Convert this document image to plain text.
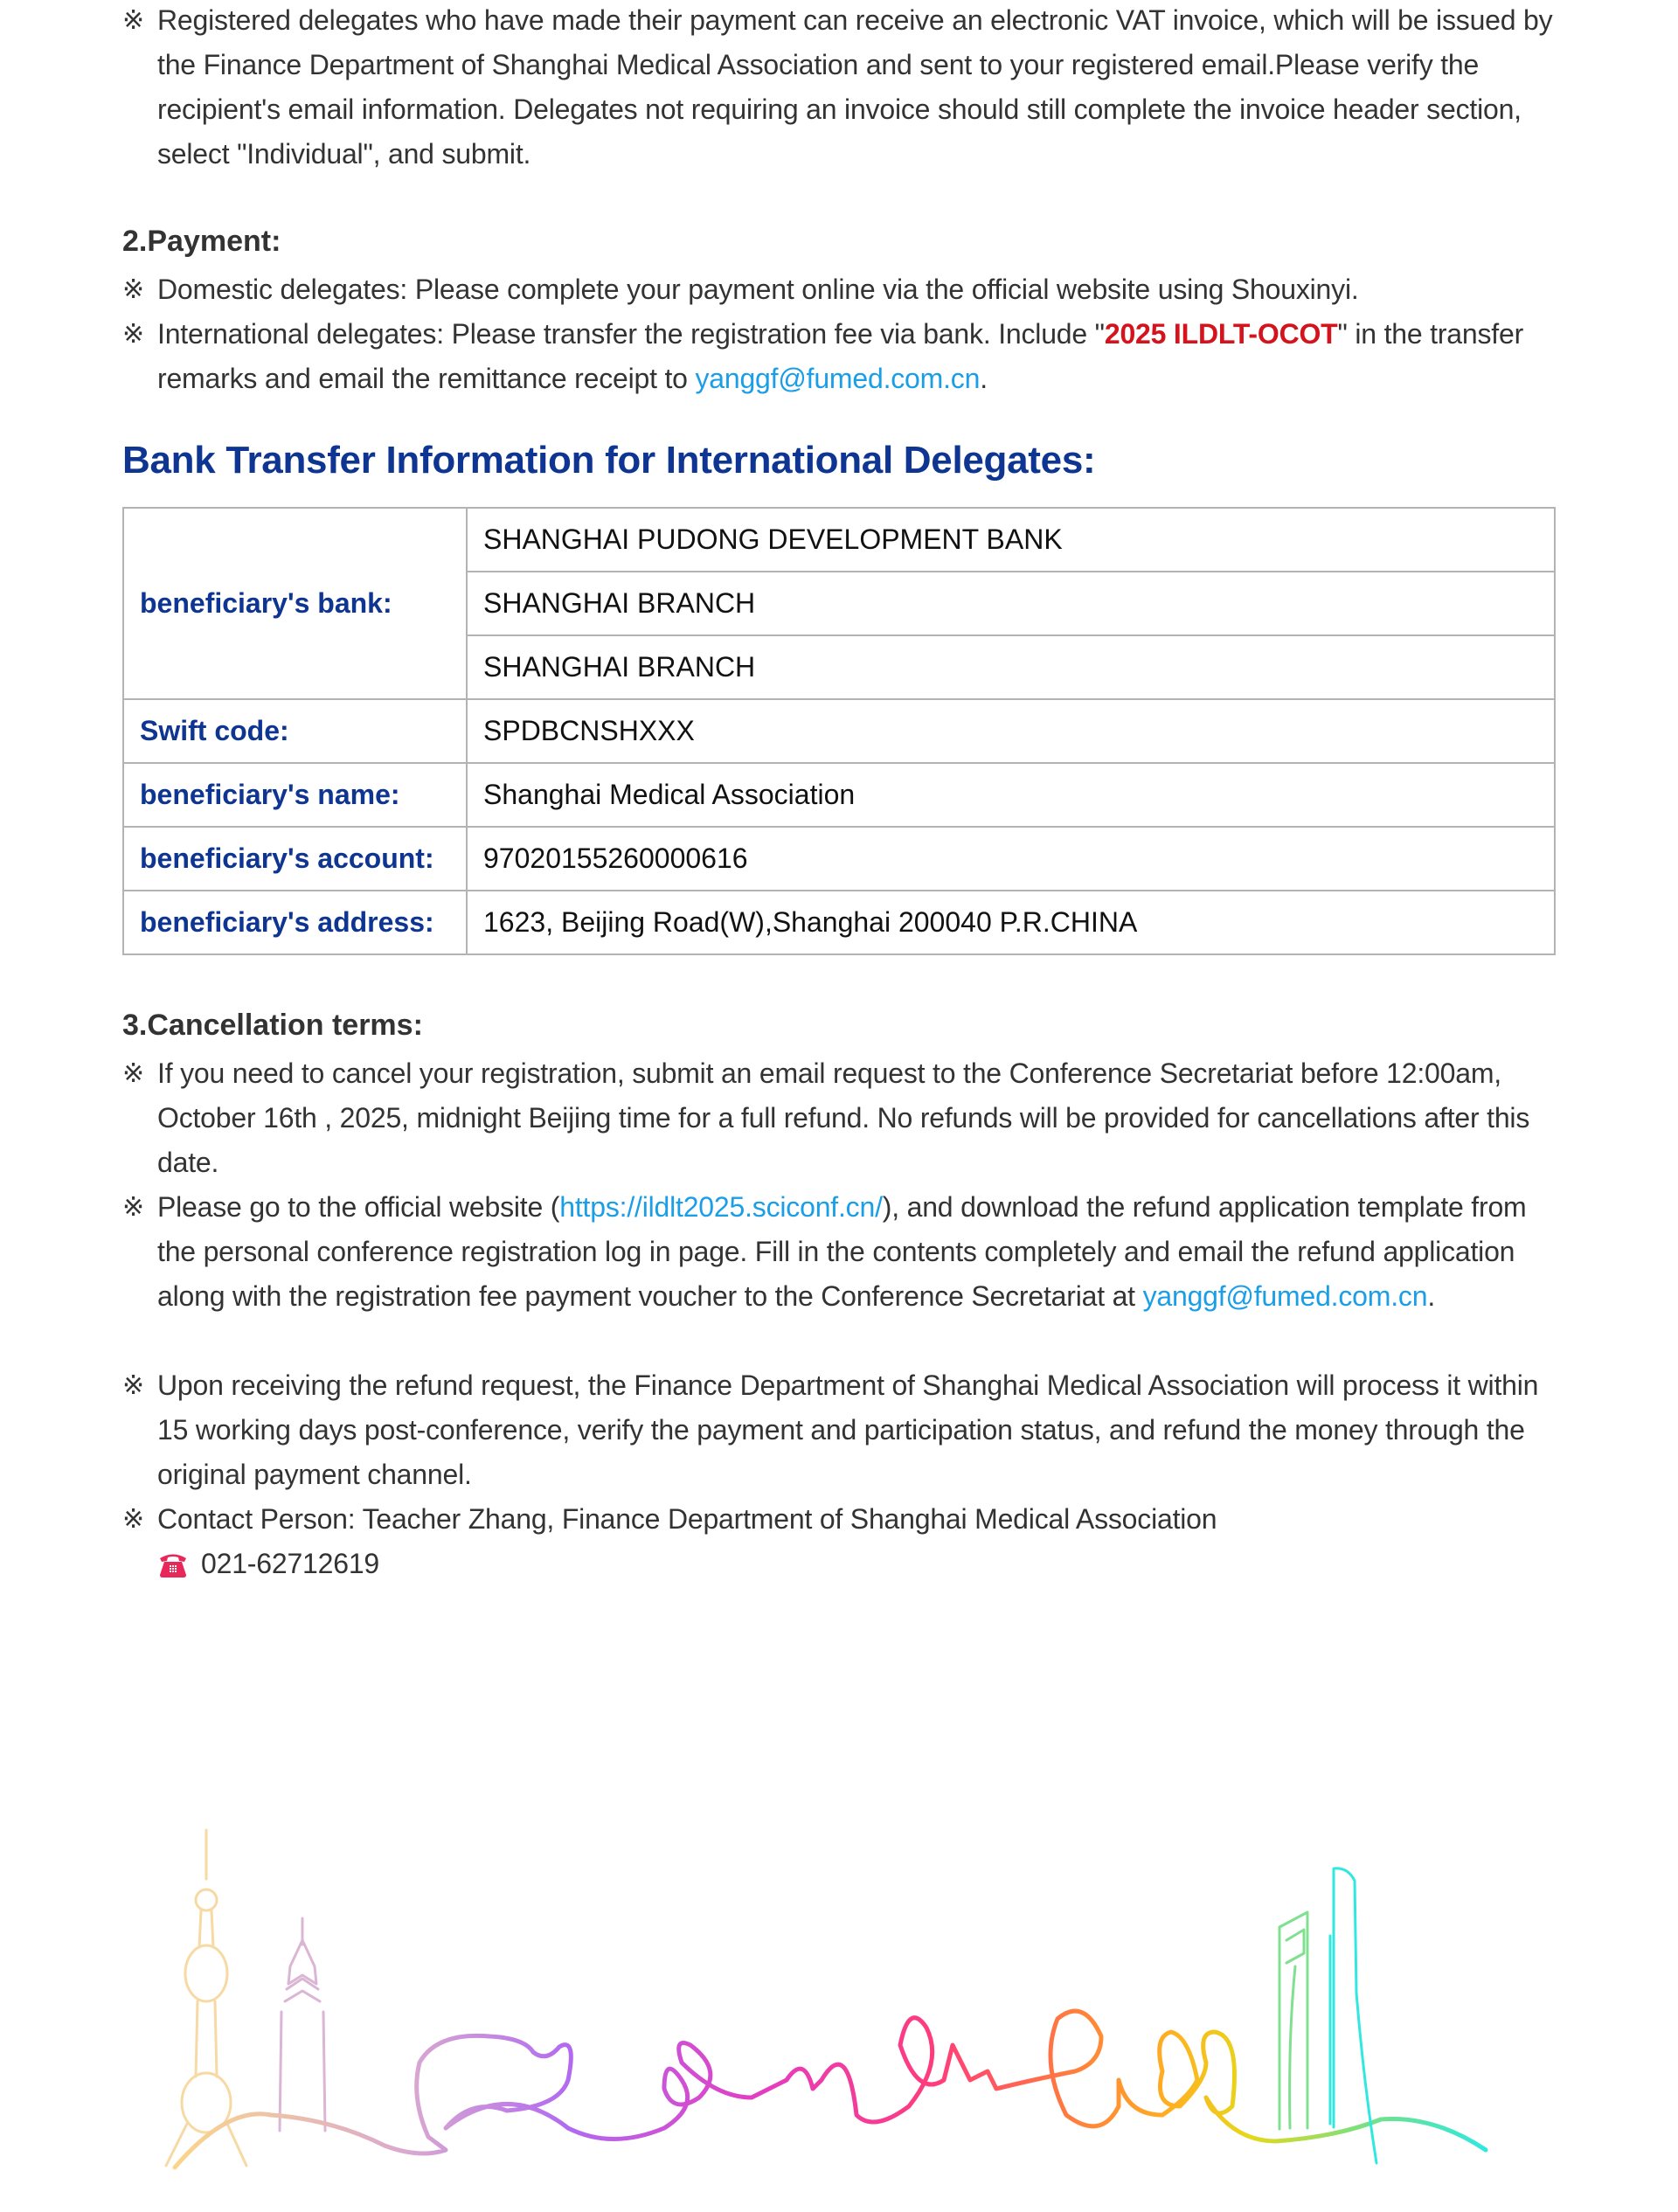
※ Registered delegates who have made their payment can receive an electronic VAT invoice, which will be issued by the Finance Department of Shanghai Medical Association and sent to your registered email.Please verify the recipient's email information. Delegates not requiring an invoice should still complete the invoice header section, select "Individual", and submit.
2.Payment:
※ Domestic delegates: Please complete your payment online via the official website using Shouxinyi.
※ International delegates: Please transfer the registration fee via bank. Include "2025 ILDLT-OCOT" in the transfer remarks and email the remittance receipt to yanggf@fumed.com.cn.
Bank Transfer Information for International Delegates:
beneficiary's bank:	SHANGHAI PUDONG DEVELOPMENT BANK
	SHANGHAI BRANCH
	SHANGHAI BRANCH
Swift code:	SPDBCNSHXXX
beneficiary's name:	Shanghai Medical Association
beneficiary's account:	97020155260000616
beneficiary's address:	1623, Beijing Road(W),Shanghai 200040 P.R.CHINA
3.Cancellation terms:
※ If you need to cancel your registration, submit an email request to the Conference Secretariat before 12:00am, October 16th , 2025, midnight Beijing time for a full refund. No refunds will be provided for cancellations after this date.
※ Please go to the official website (https://ildlt2025.sciconf.cn/), and download the refund application template from the personal conference registration log in page. Fill in the contents completely and email the refund application along with the registration fee payment voucher to the Conference Secretariat at yanggf@fumed.com.cn.
※ Upon receiving the refund request, the Finance Department of Shanghai Medical Association will process it within 15 working days post-conference, verify the payment and participation status, and refund the money through the original payment channel.
※ Contact Person: Teacher Zhang, Finance Department of Shanghai Medical Association
021-62712619
